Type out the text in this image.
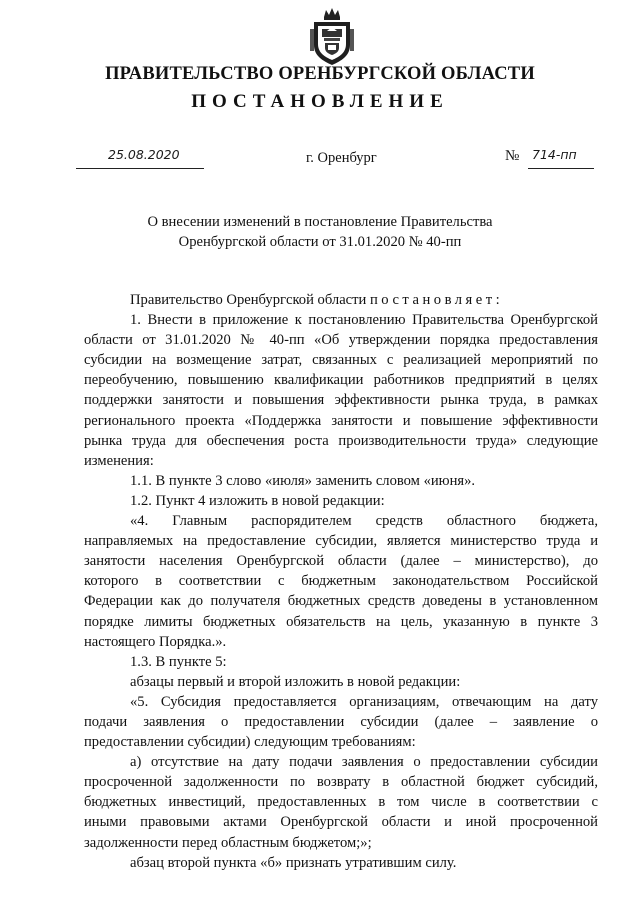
ПРАВИТЕЛЬСТВО ОРЕНБУРГСКОЙ ОБЛАСТИ
ПОСТАНОВЛЕНИЕ
25.08.2020	г. Оренбург	№ 714-пп
О внесении изменений в постановление Правительства
Оренбургской области от 31.01.2020 № 40-пп
Правительство Оренбургской области постановляет:
1. Внести в приложение к постановлению Правительства Оренбургской
области от 31.01.2020 № 40-пп «Об утверждении порядка предоставления
субсидии на возмещение затрат, связанных с реализацией мероприятий по
переобучению, повышению квалификации работников предприятий в целях
поддержки занятости и повышения эффективности рынка труда, в рамках
регионального проекта «Поддержка занятости и повышение эффективности
рынка труда для обеспечения роста производительности труда» следующие
изменения:
1.1. В пункте 3 слово «июля» заменить словом «июня».
1.2. Пункт 4 изложить в новой редакции:
«4. Главным распорядителем средств областного бюджета,
направляемых на предоставление субсидии, является министерство труда и
занятости населения Оренбургской области (далее – министерство), до
которого в соответствии с бюджетным законодательством Российской
Федерации как до получателя бюджетных средств доведены в установленном
порядке лимиты бюджетных обязательств на цель, указанную в пункте 3
настоящего Порядка.».
1.3. В пункте 5:
абзацы первый и второй изложить в новой редакции:
«5. Субсидия предоставляется организациям, отвечающим на дату
подачи заявления о предоставлении субсидии (далее – заявление о
предоставлении субсидии) следующим требованиям:
а) отсутствие на дату подачи заявления о предоставлении субсидии
просроченной задолженности по возврату в областной бюджет субсидий,
бюджетных инвестиций, предоставленных в том числе в соответствии с
иными правовыми актами Оренбургской области и иной просроченной
задолженности перед областным бюджетом;»;
абзац второй пункта «б» признать утратившим силу.
